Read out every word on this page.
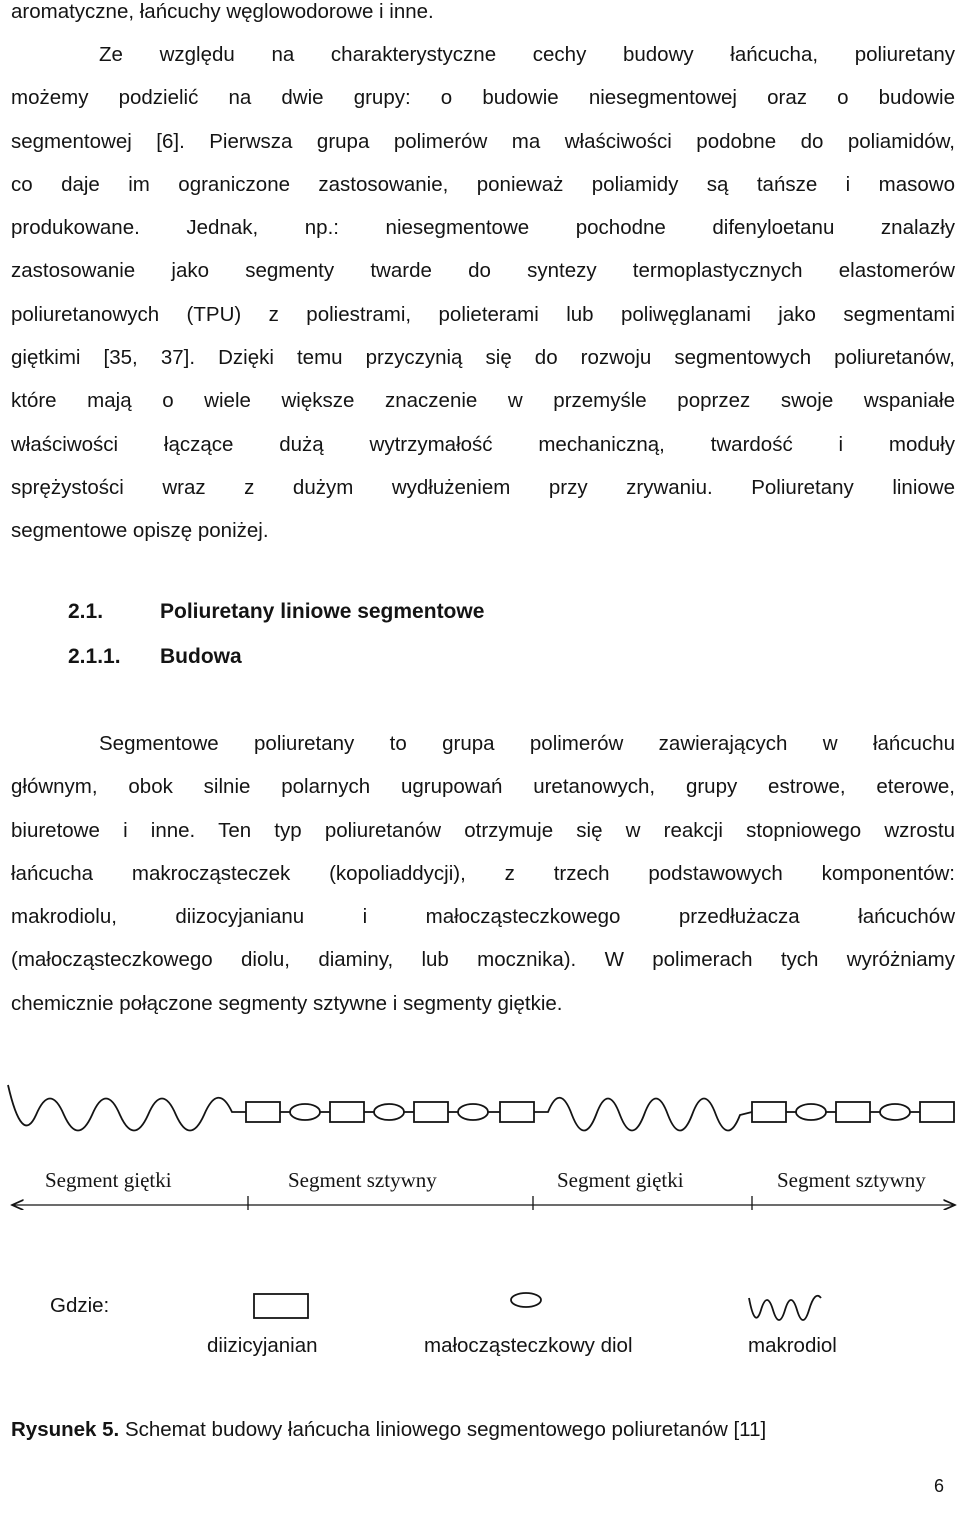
aromatyczne, łańcuchy węglowodorowe i inne.
Ze względu na charakterystyczne cechy budowy łańcucha, poliuretany
możemy podzielić na dwie grupy: o budowie niesegmentowej oraz o budowie
segmentowej [6]. Pierwsza grupa polimerów ma właściwości podobne do poliamidów,
co daje im ograniczone zastosowanie, ponieważ poliamidy są tańsze i masowo
produkowane. Jednak, np.: niesegmentowe pochodne difenyloetanu znalazły
zastosowanie jako segmenty twarde do syntezy termoplastycznych elastomerów
poliuretanowych (TPU) z poliestrami, polieterami lub poliwęglanami jako segmentami
giętkimi [35, 37]. Dzięki temu przyczynią się do rozwoju segmentowych poliuretanów,
które mają o wiele większe znaczenie w przemyśle poprzez swoje wspaniałe
właściwości łączące dużą wytrzymałość mechaniczną, twardość i moduły
sprężystości wraz z dużym wydłużeniem przy zrywaniu. Poliuretany liniowe
segmentowe opiszę poniżej.
2.1.	Poliuretany liniowe segmentowe
2.1.1. Budowa
Segmentowe poliuretany to grupa polimerów zawierających w łańcuchu
głównym, obok silnie polarnych ugrupowań uretanowych, grupy estrowe, eterowe,
biuretowe i inne. Ten typ poliuretanów otrzymuje się w reakcji stopniowego wzrostu
łańcucha makrocząsteczek (kopoliaddycji), z trzech podstawowych komponentów:
makrodiolu, diizocyjanianu i małocząsteczkowego przedłużacza łańcuchów
(małocząsteczkowego diolu, diaminy, lub mocznika). W polimerach tych wyróżniamy
chemicznie połączone segmenty sztywne i segmenty giętkie.
Segment giętki	Segment sztywny	Segment giętki	Segment sztywny
Gdzie:
diizicyjanian	małocząsteczkowy diol	makrodiol
Rysunek 5. Schemat budowy łańcucha liniowego segmentowego poliuretanów [11]
6
